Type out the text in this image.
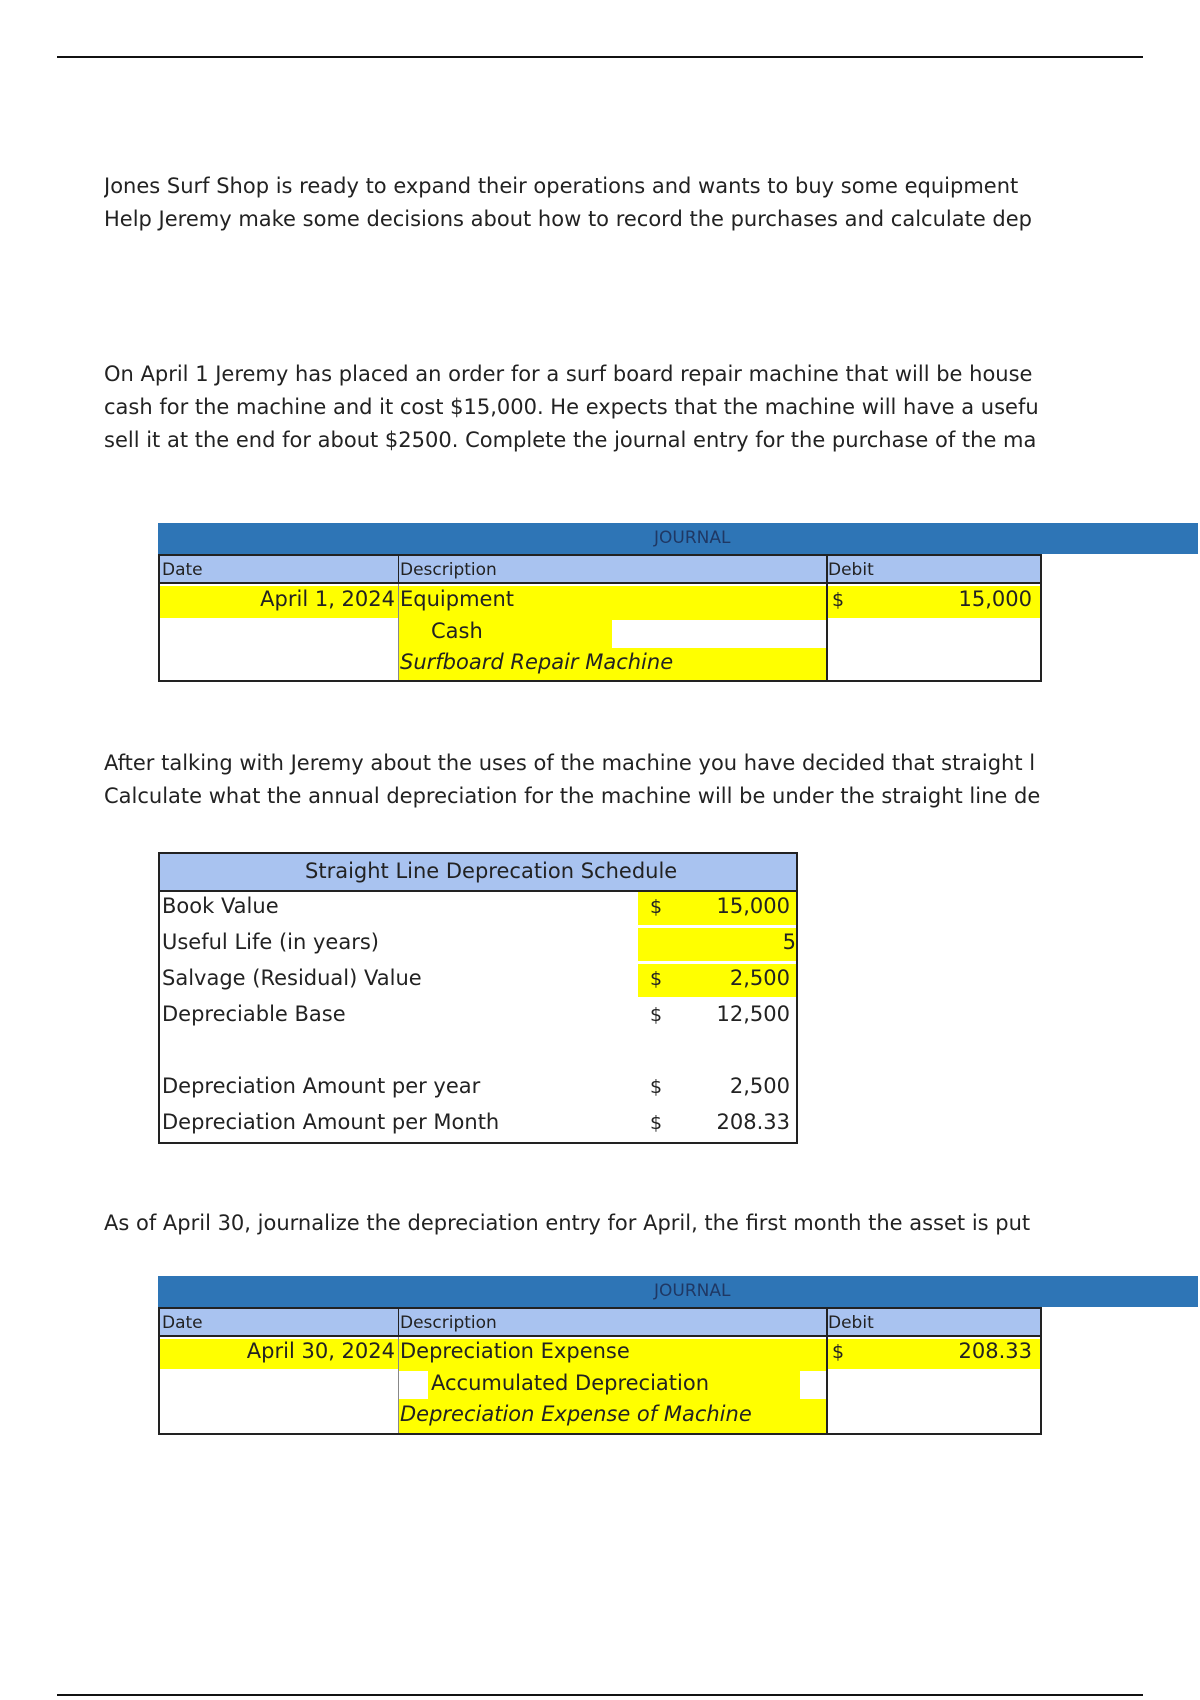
Jones Surf Shop is ready to expand their operations and wants to buy some equipment
Help Jeremy make some decisions about how to record the purchases and calculate dep
On April 1 Jeremy has placed an order for a surf board repair machine that will be house
cash for the machine and it cost $15,000. He expects that the machine will have a usefu
sell it at the end for about $2500. Complete the journal entry for the purchase of the ma
JOURNAL
Date	Description	Debit
April 1, 2024 Equipment	$	15,000
Cash
Surfboard Repair Machine
After talking with Jeremy about the uses of the machine you have decided that straight l
Calculate what the annual depreciation for the machine will be under the straight line de
Straight Line Deprecation Schedule
Book Value	$	15,000
Useful Life (in years)	5
Salvage (Residual) Value	$	2,500
Depreciable Base	$	12,500
Depreciation Amount per year	$	2,500
Depreciation Amount per Month	$	208.33
As of April 30, journalize the depreciation entry for April, the first month the asset is put
JOURNAL
Date	Description	Debit
April 30, 2024 Depreciation Expense	$	208.33
Accumulated Depreciation
Depreciation Expense of Machine
